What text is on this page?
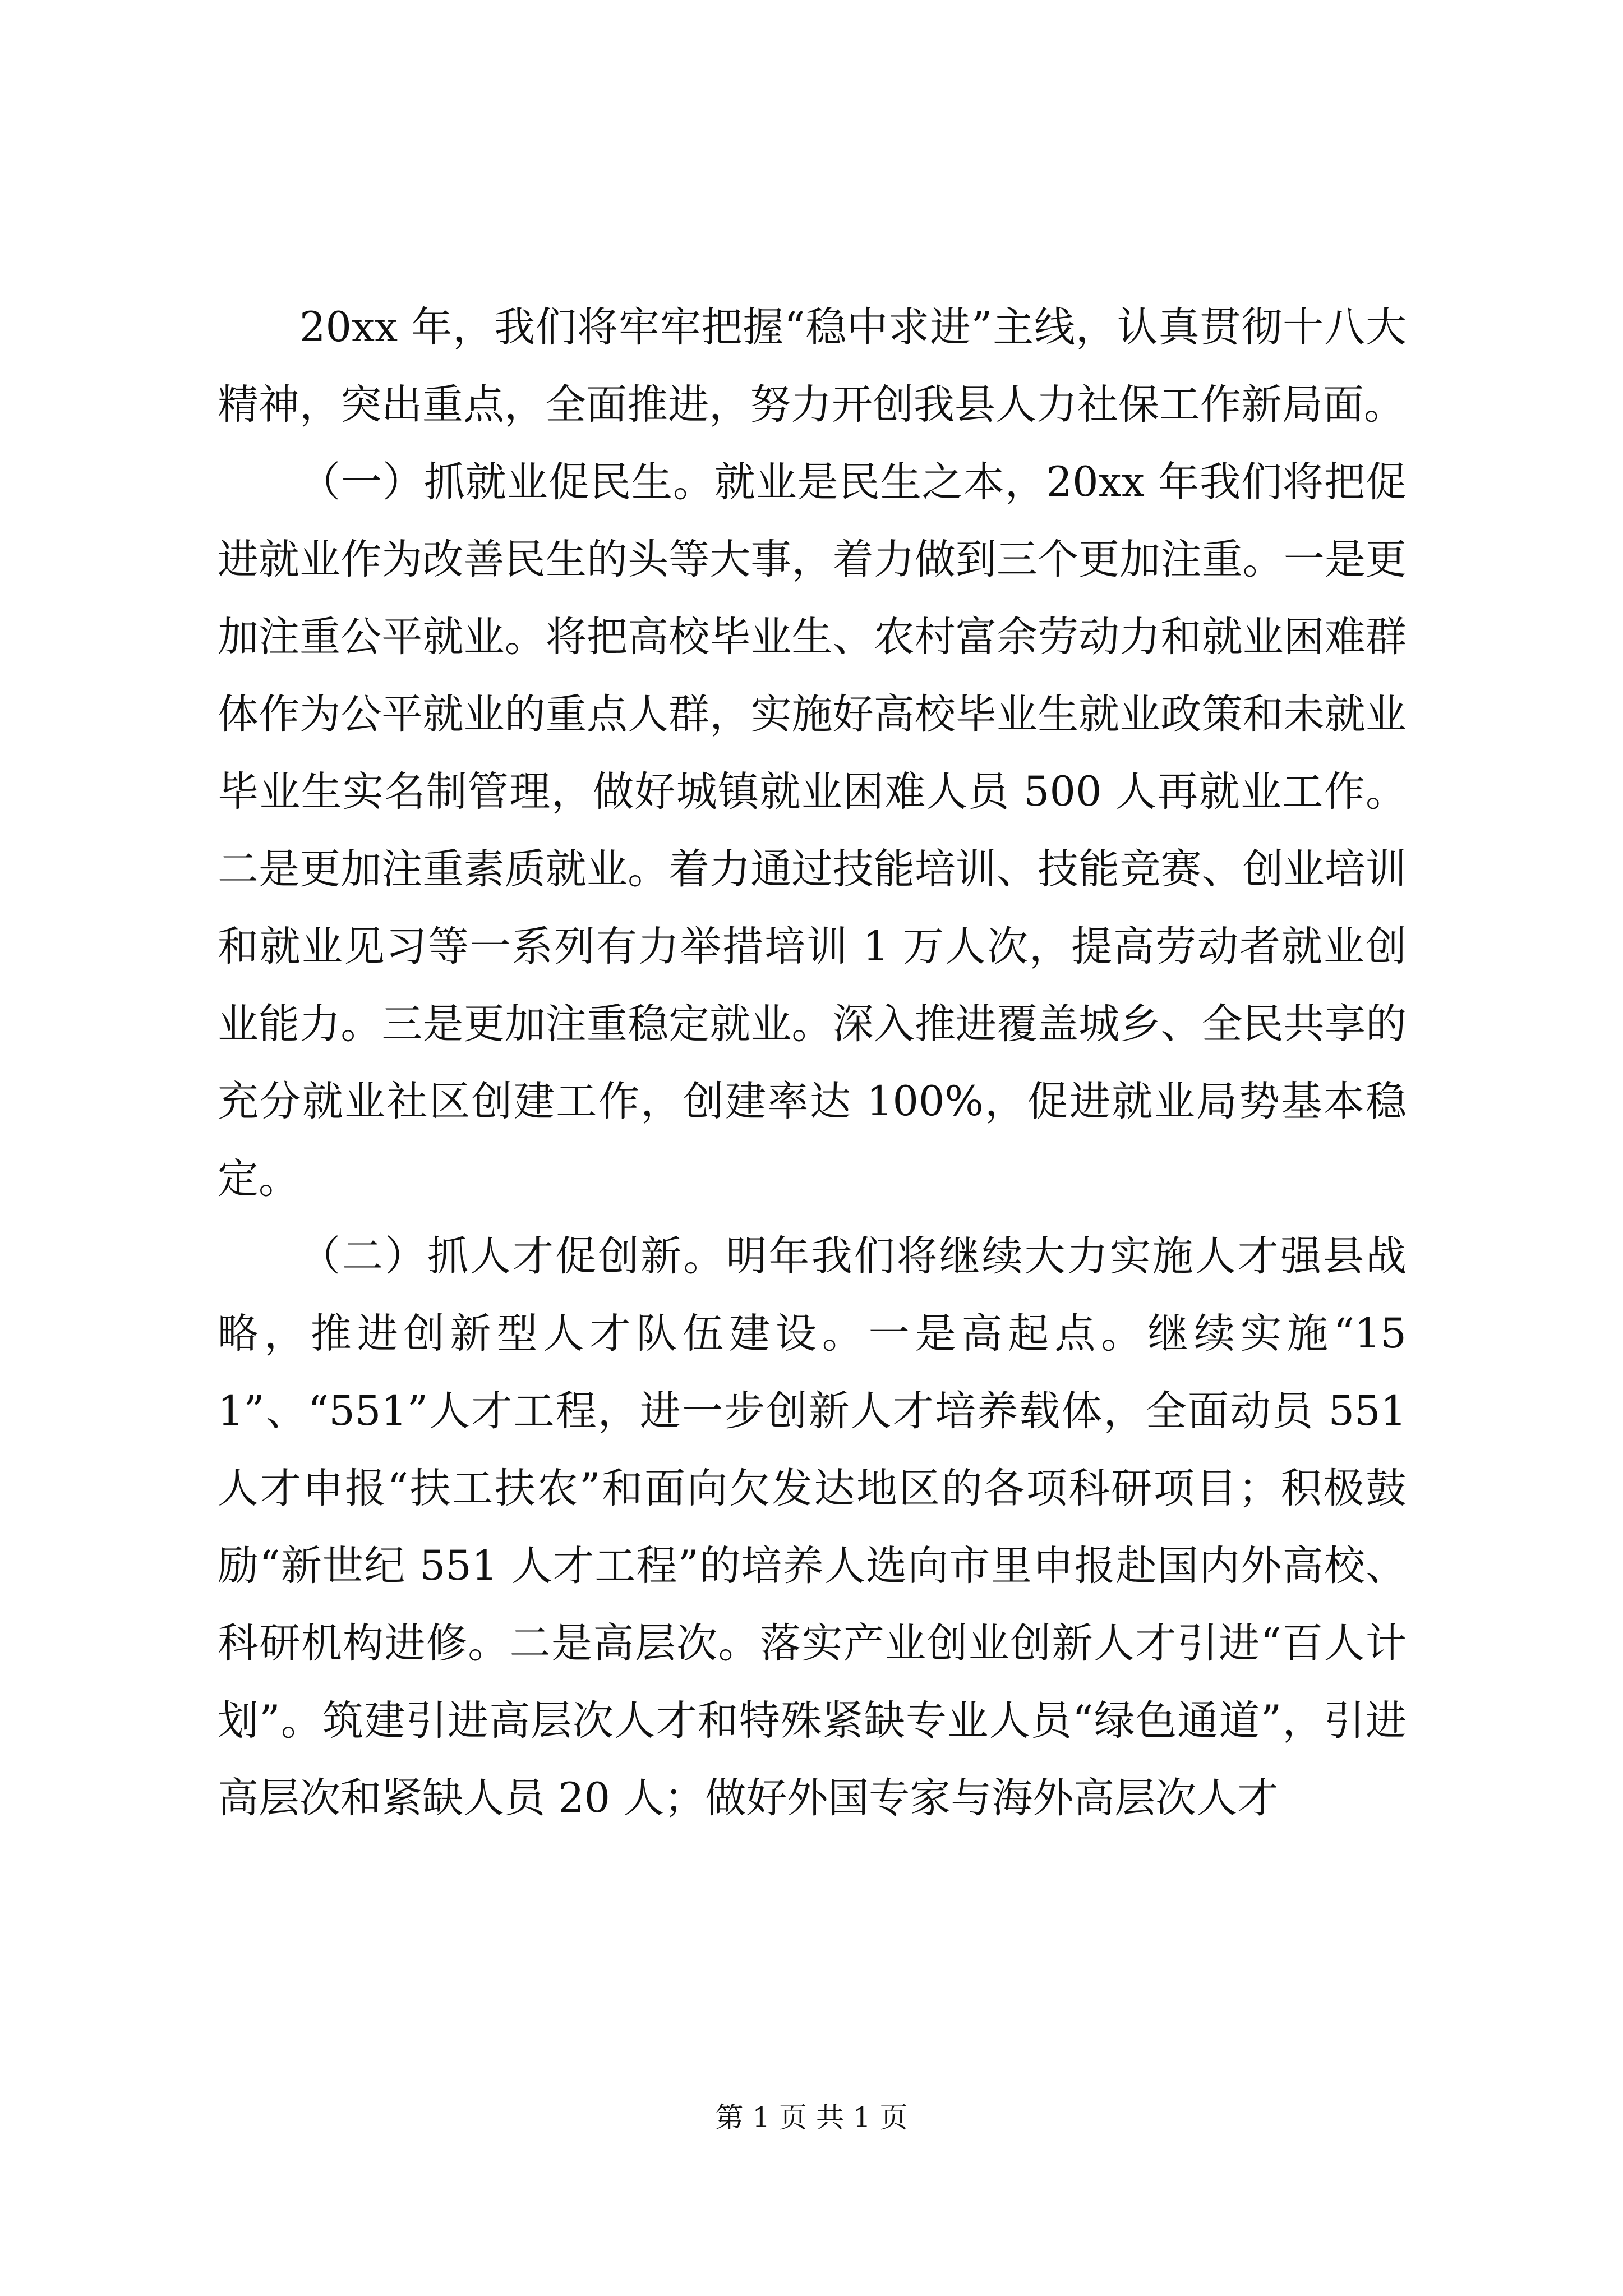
20xx 年，我们将牢牢把握“稳中求进”主线，认真贯彻十八大精神，突出重点，全面推进，努力开创我县人力社保工作新局面。

（一）抓就业促民生。就业是民生之本，20xx 年我们将把促进就业作为改善民生的头等大事，着力做到三个更加注重。一是更加注重公平就业。将把高校毕业生、农村富余劳动力和就业困难群体作为公平就业的重点人群，实施好高校毕业生就业政策和未就业毕业生实名制管理，做好城镇就业困难人员 500 人再就业工作。二是更加注重素质就业。着力通过技能培训、技能竞赛、创业培训和就业见习等一系列有力举措培训 1 万人次，提高劳动者就业创业能力。三是更加注重稳定就业。深入推进覆盖城乡、全民共享的充分就业社区创建工作，创建率达 100%，促进就业局势基本稳定。

（二）抓人才促创新。明年我们将继续大力实施人才强县战略，推进创新型人才队伍建设。一是高起点。继续实施“151”、“551”人才工程，进一步创新人才培养载体，全面动员 551 人才申报“扶工扶农”和面向欠发达地区的各项科研项目；积极鼓励“新世纪 551 人才工程”的培养人选向市里申报赴国内外高校、科研机构进修。二是高层次。落实产业创业创新人才引进“百人计划”。筑建引进高层次人才和特殊紧缺专业人员“绿色通道”，引进高层次和紧缺人员 20 人；做好外国专家与海外高层次人才

第 1 页 共 1 页
